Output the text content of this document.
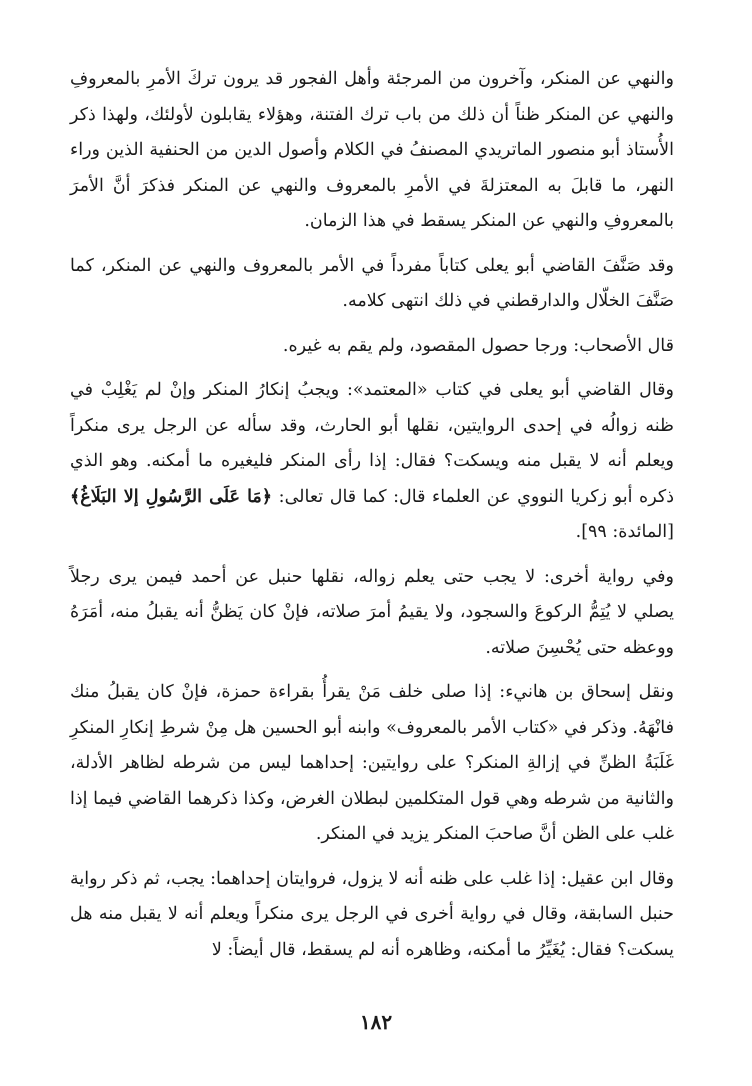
والنهي عن المنكر، وآخرون من المرجئة وأهل الفجور قد يرون تركَ الأمرِ بالمعروفِ والنهي عن المنكر ظناً أن ذلك من باب ترك الفتنة، وهؤلاء يقابلون لأولئك، ولهذا ذكر الأُستاذ أبو منصور الماتريدي المصنفُ في الكلام وأصول الدين من الحنفية الذين وراء النهر، ما قابلَ به المعتزلةَ في الأمرِ بالمعروف والنهي عن المنكر فذكرَ أنَّ الأمرَ بالمعروفِ والنهي عن المنكر يسقط في هذا الزمان.

وقد صَنَّفَ القاضي أبو يعلى كتاباً مفرداً في الأمر بالمعروف والنهي عن المنكر، كما صَنَّفَ الخلّال والدارقطني في ذلك انتهى كلامه.

قال الأصحاب: ورجا حصول المقصود، ولم يقم به غيره.

وقال القاضي أبو يعلى في كتاب «المعتمد»: ويجبُ إنكارُ المنكر وإنْ لم يَغْلِبْ في ظنه زوالُه في إحدى الروايتين، نقلها أبو الحارث، وقد سأله عن الرجل يرى منكراً ويعلم أنه لا يقبل منه ويسكت؟ فقال: إذا رأى المنكر فليغيره ما أمكنه. وهو الذي ذكره أبو زكريا النووي عن العلماء قال: كما قال تعالى: ﴿مَا عَلَى الرَّسُولِ إلا البَلَاغُ﴾ [المائدة: ٩٩].

وفي رواية أخرى: لا يجب حتى يعلم زواله، نقلها حنبل عن أحمد فيمن يرى رجلاً يصلي لا يُتِمُّ الركوعَ والسجود، ولا يقيمُ أمرَ صلاته، فإنْ كان يَظنُّ أنه يقبلُ منه، أمَرَهُ ووعظه حتى يُحْسِنَ صلاته.

ونقل إسحاق بن هانيء: إذا صلى خلف مَنْ يقرأُ بقراءة حمزة، فإنْ كان يقبلُ منك فانْهَهُ. وذكر في «كتاب الأمر بالمعروف» وابنه أبو الحسين هل مِنْ شرطِ إنكارِ المنكرِ غَلَبَةُ الظنِّ في إزالةِ المنكر؟ على روايتين: إحداهما ليس من شرطه لظاهر الأدلة، والثانية من شرطه وهي قول المتكلمين لبطلان الغرض، وكذا ذكرهما القاضي فيما إذا غلب على الظن أنَّ صاحبَ المنكر يزيد في المنكر.

وقال ابن عقيل: إذا غلب على ظنه أنه لا يزول، فروايتان إحداهما: يجب، ثم ذكر رواية حنبل السابقة، وقال في رواية أخرى في الرجل يرى منكراً ويعلم أنه لا يقبل منه هل يسكت؟ فقال: يُغَيِّرُ ما أمكنه، وظاهره أنه لم يسقط، قال أيضاً: لا

١٨٢
